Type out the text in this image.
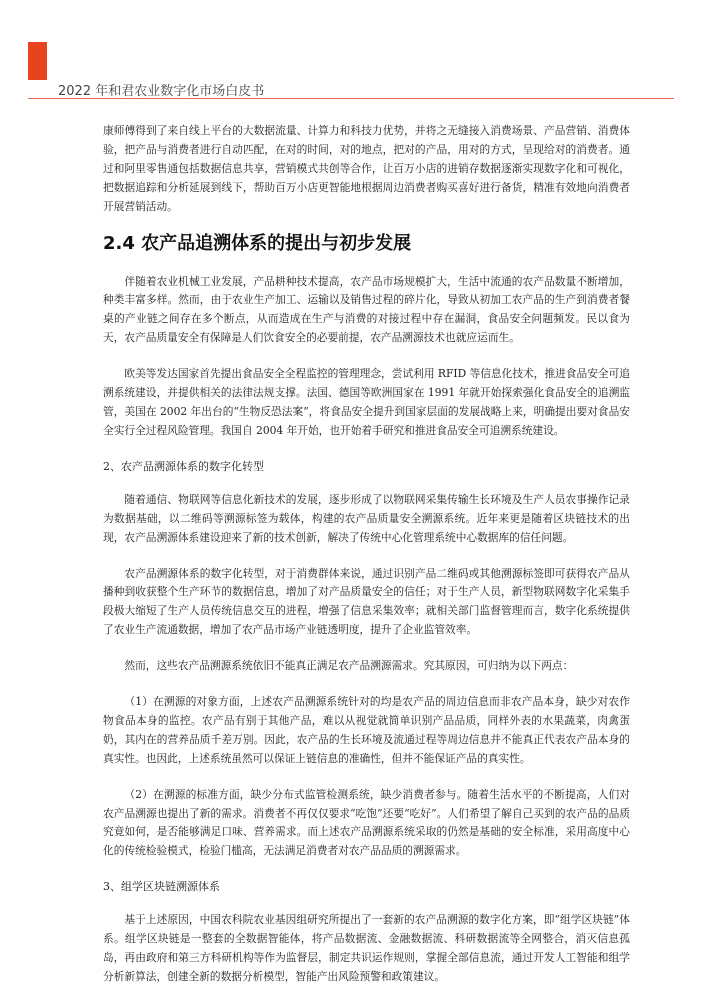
2022 年和君农业数字化市场白皮书

康师傅得到了来自线上平台的大数据流量、计算力和科技力优势，并将之无缝接入消费场景、产品营销、消费体验，把产品与消费者进行自动匹配，在对的时间，对的地点，把对的产品，用对的方式，呈现给对的消费者。通过和阿里零售通包括数据信息共享，营销模式共创等合作，让百万小店的进销存数据逐渐实现数字化和可视化，把数据追踪和分析延展到线下，帮助百万小店更智能地根据周边消费者购买喜好进行备货，精准有效地向消费者开展营销活动。

2.4 农产品追溯体系的提出与初步发展

伴随着农业机械工业发展，产品耕种技术提高，农产品市场规模扩大，生活中流通的农产品数量不断增加，种类丰富多样。然而，由于农业生产加工、运输以及销售过程的碎片化，导致从初加工农产品的生产到消费者餐桌的产业链之间存在多个断点，从而造成在生产与消费的对接过程中存在漏洞，食品安全问题频发。民以食为天，农产品质量安全有保障是人们饮食安全的必要前提，农产品溯源技术也就应运而生。

欧美等发达国家首先提出食品安全全程监控的管理理念，尝试利用 RFID 等信息化技术，推进食品安全可追溯系统建设，并提供相关的法律法规支撑。法国、德国等欧洲国家在 1991 年就开始探索强化食品安全的追溯监管，美国在 2002 年出台的“生物反恐法案”，将食品安全提升到国家层面的发展战略上来，明确提出要对食品安全实行全过程风险管理。我国自 2004 年开始，也开始着手研究和推进食品安全可追溯系统建设。

2、农产品溯源体系的数字化转型

随着通信、物联网等信息化新技术的发展，逐步形成了以物联网采集传输生长环境及生产人员农事操作记录为数据基础，以二维码等溯源标签为载体，构建的农产品质量安全溯源系统。近年来更是随着区块链技术的出现，农产品溯源体系建设迎来了新的技术创新，解决了传统中心化管理系统中心数据库的信任问题。

农产品溯源体系的数字化转型，对于消费群体来说，通过识别产品二维码或其他溯源标签即可获得农产品从播种到收获整个生产环节的数据信息，增加了对产品质量安全的信任；对于生产人员，新型物联网数字化采集手段极大缩短了生产人员传统信息交互的进程，增强了信息采集效率；就相关部门监督管理而言，数字化系统提供了农业生产流通数据，增加了农产品市场产业链透明度，提升了企业监管效率。

然而，这些农产品溯源系统依旧不能真正满足农产品溯源需求。究其原因，可归纳为以下两点：

（1）在溯源的对象方面，上述农产品溯源系统针对的均是农产品的周边信息而非农产品本身，缺少对农作物食品本身的监控。农产品有别于其他产品，难以从视觉就简单识别产品品质，同样外表的水果蔬菜，肉禽蛋奶，其内在的营养品质千差万别。因此，农产品的生长环境及流通过程等周边信息并不能真正代表农产品本身的真实性。也因此，上述系统虽然可以保证上链信息的准确性，但并不能保证产品的真实性。

（2）在溯源的标准方面，缺少分布式监管检测系统，缺少消费者参与。随着生活水平的不断提高，人们对农产品溯源也提出了新的需求。消费者不再仅仅要求“吃饱”还要“吃好”。人们希望了解自己买到的农产品的品质究竟如何，是否能够满足口味、营养需求。而上述农产品溯源系统采取的仍然是基础的安全标准，采用高度中心化的传统检验模式，检验门槛高，无法满足消费者对农产品品质的溯源需求。

3、组学区块链溯源体系

基于上述原因，中国农科院农业基因组研究所提出了一套新的农产品溯源的数字化方案，即“组学区块链”体系。组学区块链是一整套的全数据智能体，将产品数据流、金融数据流、科研数据流等全网整合，消灭信息孤岛，再由政府和第三方科研机构等作为监督层，制定共识运作规则，掌握全部信息流，通过开发人工智能和组学分析新算法，创建全新的数据分析模型，智能产出风险预警和政策建议。
